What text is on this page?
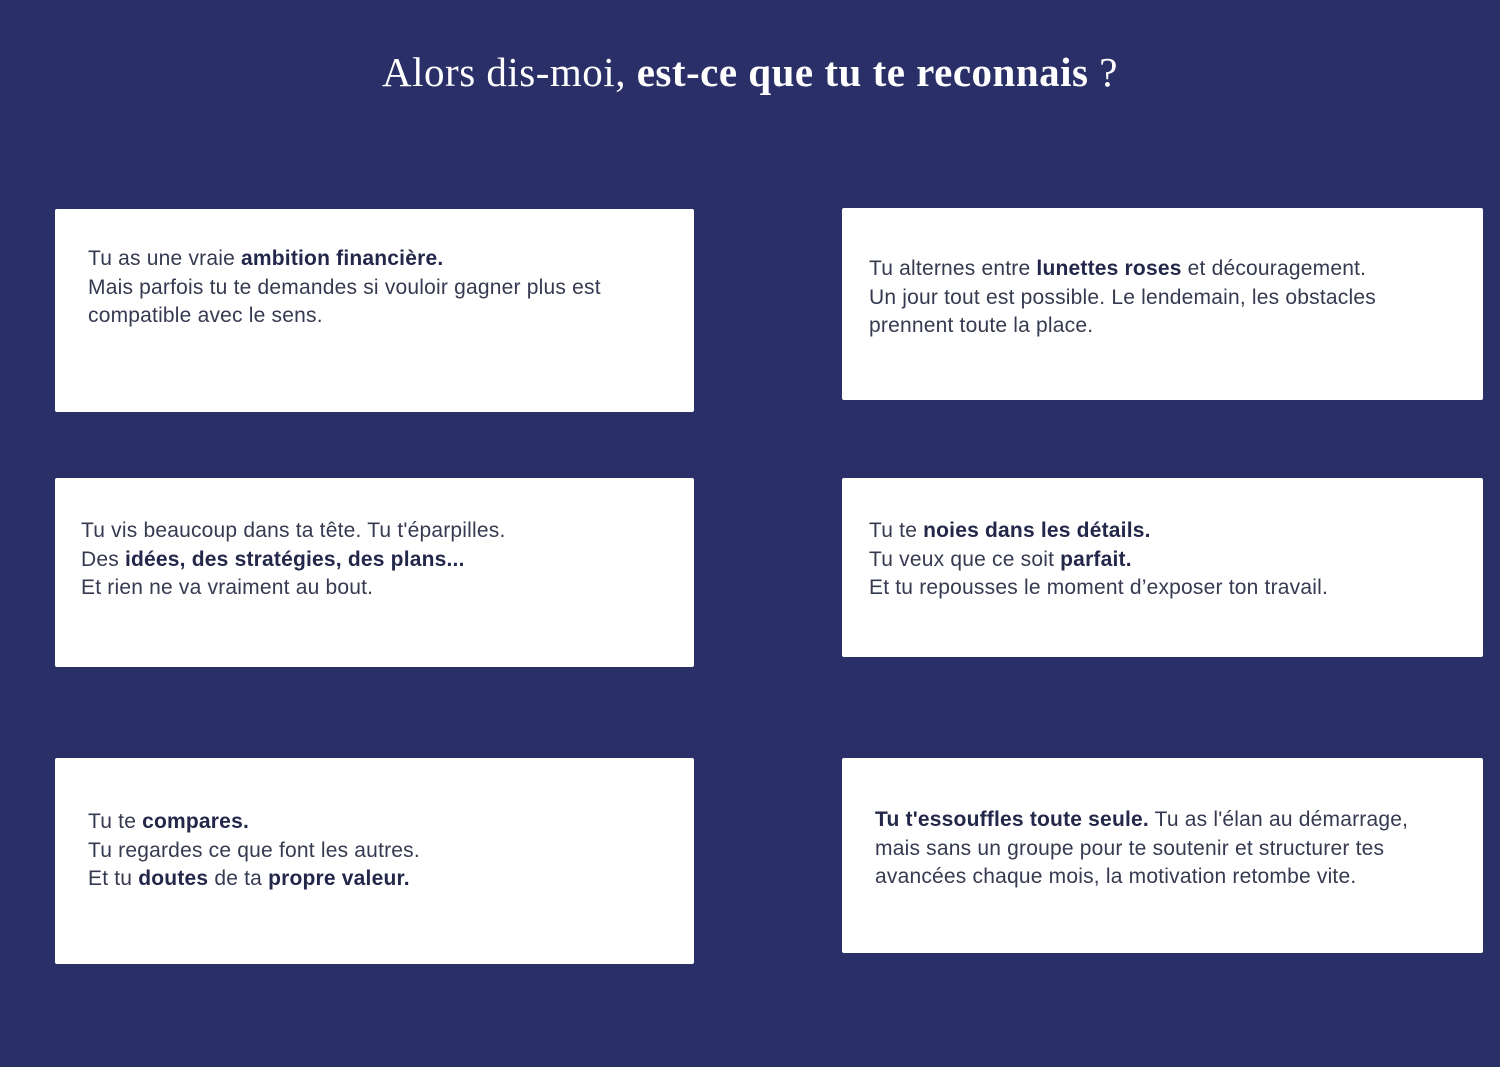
Alors dis-moi, est-ce que tu te reconnais ?

Tu as une vraie ambition financière.
Mais parfois tu te demandes si vouloir gagner plus est
compatible avec le sens.

Tu alternes entre lunettes roses et découragement.
Un jour tout est possible. Le lendemain, les obstacles
prennent toute la place.

Tu vis beaucoup dans ta tête. Tu t'éparpilles.
Des idées, des stratégies, des plans...
Et rien ne va vraiment au bout.

Tu te noies dans les détails.
Tu veux que ce soit parfait.
Et tu repousses le moment d’exposer ton travail.

Tu te compares.
Tu regardes ce que font les autres.
Et tu doutes de ta propre valeur.

Tu t'essouffles toute seule. Tu as l'élan au démarrage,
mais sans un groupe pour te soutenir et structurer tes
avancées chaque mois, la motivation retombe vite.
